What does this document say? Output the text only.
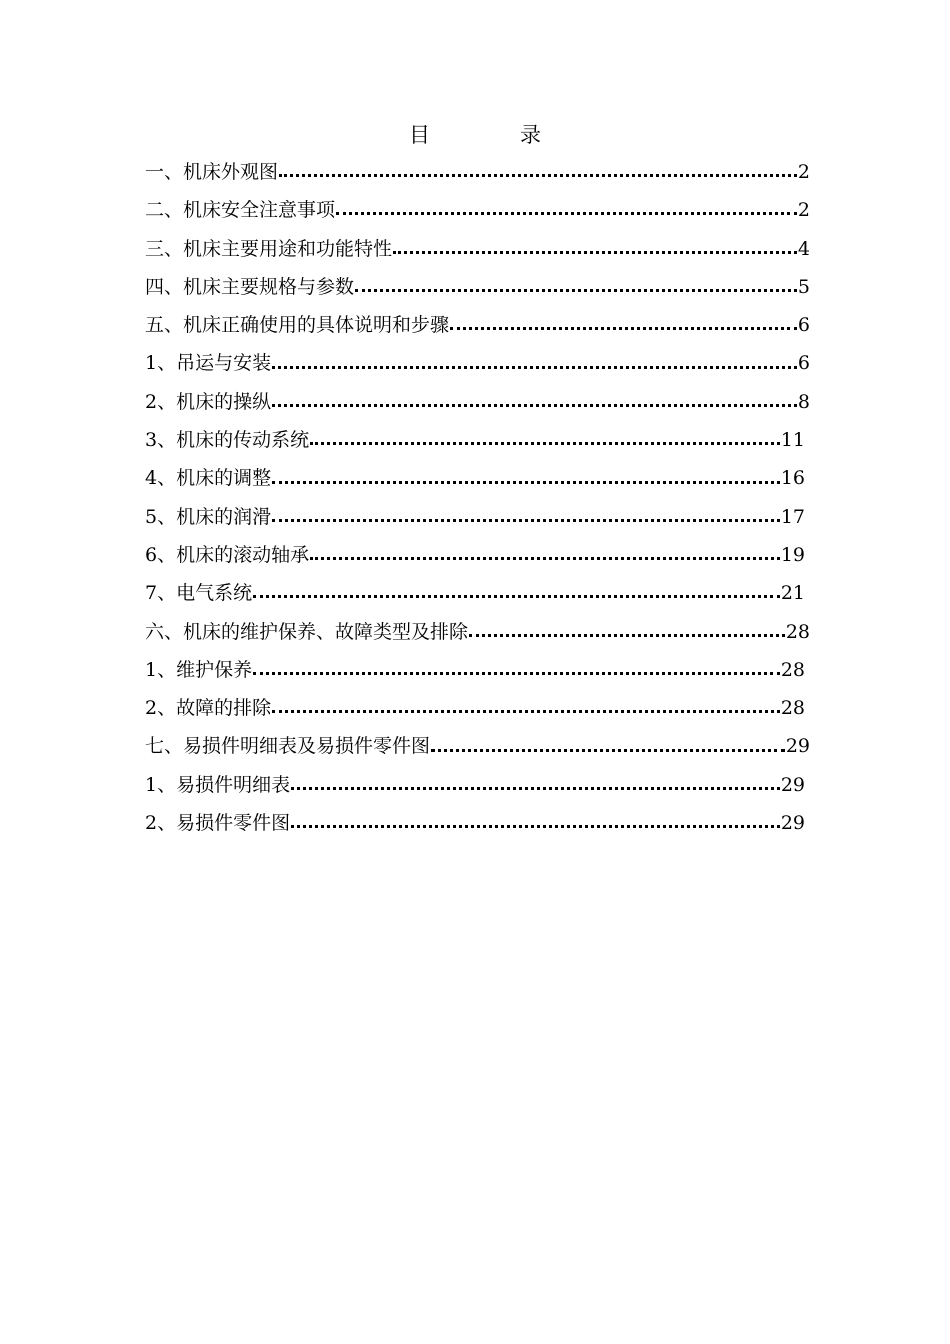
目	录
一、机床外观图	2
二、机床安全注意事项	2
三、机床主要用途和功能特性	4
四、机床主要规格与参数	5
五、机床正确使用的具体说明和步骤	6
1、吊运与安装	6
2、机床的操纵	8
3、机床的传动系统	11
4、机床的调整	16
5、机床的润滑	17
6、机床的滚动轴承	19
7、电气系统	21
六、机床的维护保养、故障类型及排除	28
1、维护保养	28
2、故障的排除	28
七、易损件明细表及易损件零件图	29
1、易损件明细表	29
2、易损件零件图	29
